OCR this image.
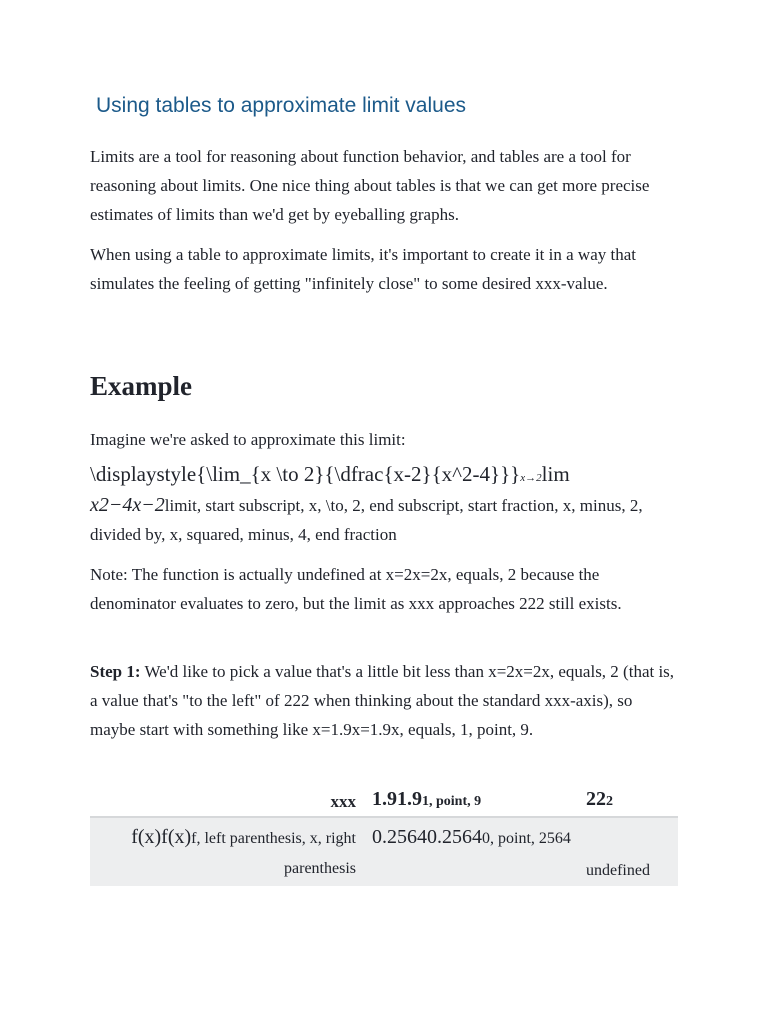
Using tables to approximate limit values

Limits are a tool for reasoning about function behavior, and tables are a tool for reasoning about limits. One nice thing about tables is that we can get more precise estimates of limits than we'd get by eyeballing graphs.

When using a table to approximate limits, it's important to create it in a way that simulates the feeling of getting "infinitely close" to some desired xxx-value.

Example

Imagine we're asked to approximate this limit:

\displaystyle{\lim_{x \to 2}{\dfrac{x-2}{x^2-4}}}x→2lim

x2−4x−2limit, start subscript, x, \to, 2, end subscript, start fraction, x, minus, 2, divided by, x, squared, minus, 4, end fraction

Note: The function is actually undefined at x=2x=2x, equals, 2 because the denominator evaluates to zero, but the limit as xxx approaches 222 still exists.

Step 1: We'd like to pick a value that's a little bit less than x=2x=2x, equals, 2 (that is, a value that's "to the left" of 222 when thinking about the standard xxx-axis), so maybe start with something like x=1.9x=1.9x, equals, 1, point, 9.

xxx 1.91.91, point, 9	222
f(x)f(x)f, left parenthesis, x, right parenthesis
0.25640.25640, point, 2564
undefined
